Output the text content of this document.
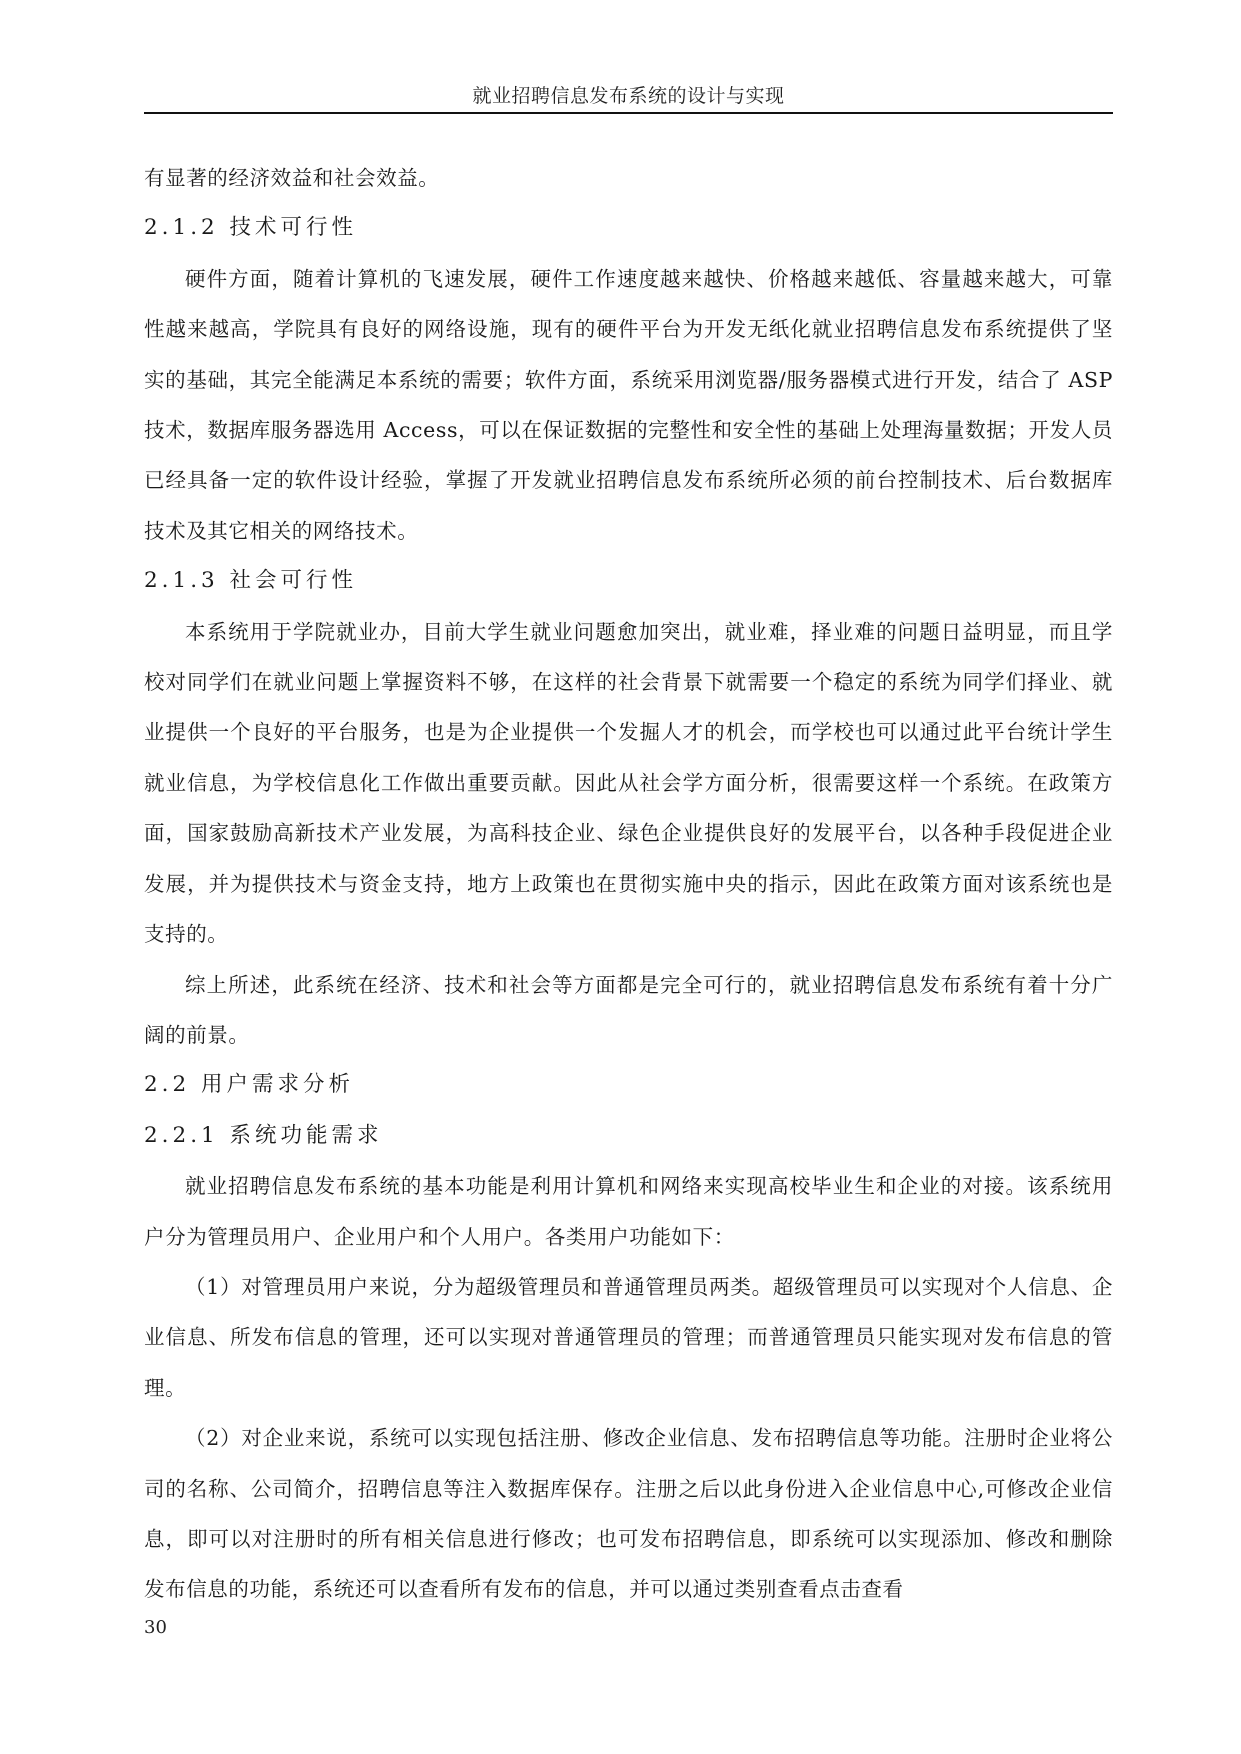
就业招聘信息发布系统的设计与实现

有显著的经济效益和社会效益。

2.1.2 技术可行性

硬件方面，随着计算机的飞速发展，硬件工作速度越来越快、价格越来越低、容量越来越大，可靠性越来越高，学院具有良好的网络设施，现有的硬件平台为开发无纸化就业招聘信息发布系统提供了坚实的基础，其完全能满足本系统的需要；软件方面，系统采用浏览器/服务器模式进行开发，结合了 ASP 技术，数据库服务器选用 Access，可以在保证数据的完整性和安全性的基础上处理海量数据；开发人员已经具备一定的软件设计经验，掌握了开发就业招聘信息发布系统所必须的前台控制技术、后台数据库技术及其它相关的网络技术。

2.1.3 社会可行性

本系统用于学院就业办，目前大学生就业问题愈加突出，就业难，择业难的问题日益明显，而且学校对同学们在就业问题上掌握资料不够，在这样的社会背景下就需要一个稳定的系统为同学们择业、就业提供一个良好的平台服务，也是为企业提供一个发掘人才的机会，而学校也可以通过此平台统计学生就业信息，为学校信息化工作做出重要贡献。因此从社会学方面分析，很需要这样一个系统。在政策方面，国家鼓励高新技术产业发展，为高科技企业、绿色企业提供良好的发展平台，以各种手段促进企业发展，并为提供技术与资金支持，地方上政策也在贯彻实施中央的指示，因此在政策方面对该系统也是支持的。

综上所述，此系统在经济、技术和社会等方面都是完全可行的，就业招聘信息发布系统有着十分广阔的前景。

2.2 用户需求分析
2.2.1 系统功能需求

就业招聘信息发布系统的基本功能是利用计算机和网络来实现高校毕业生和企业的对接。该系统用户分为管理员用户、企业用户和个人用户。各类用户功能如下：

（1）对管理员用户来说，分为超级管理员和普通管理员两类。超级管理员可以实现对个人信息、企业信息、所发布信息的管理，还可以实现对普通管理员的管理；而普通管理员只能实现对发布信息的管理。

（2）对企业来说，系统可以实现包括注册、修改企业信息、发布招聘信息等功能。注册时企业将公司的名称、公司简介，招聘信息等注入数据库保存。注册之后以此身份进入企业信息中心,可修改企业信息，即可以对注册时的所有相关信息进行修改；也可发布招聘信息，即系统可以实现添加、修改和删除发布信息的功能，系统还可以查看所有发布的信息，并可以通过类别查看点击查看

30
